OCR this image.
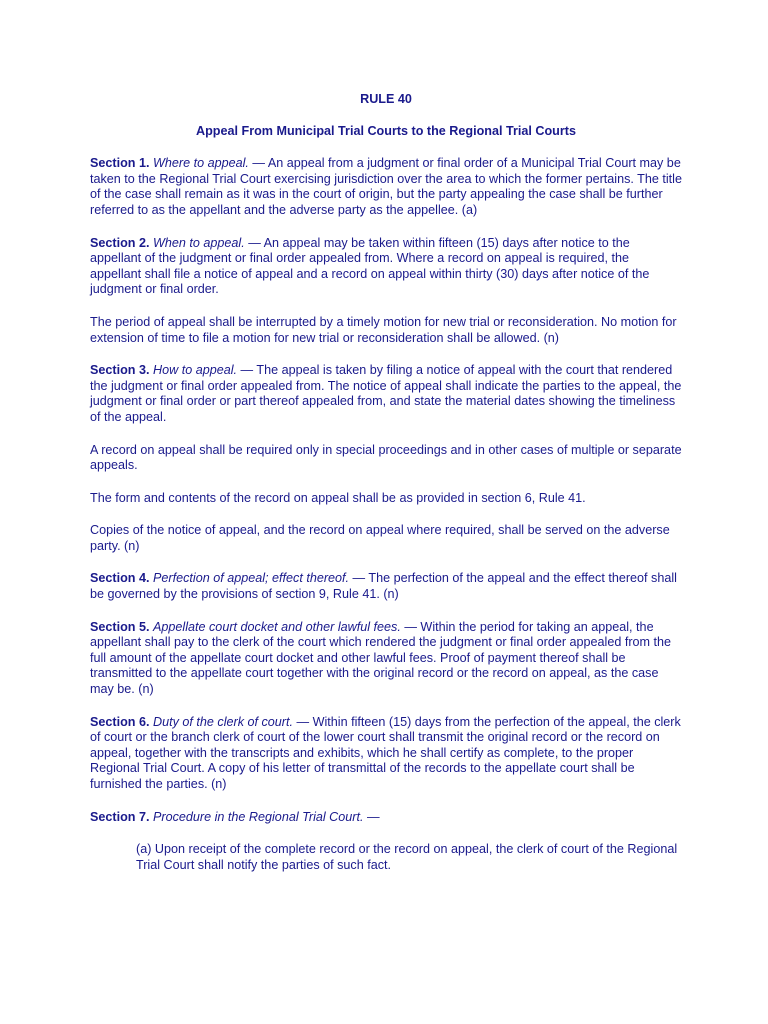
RULE 40
Appeal From Municipal Trial Courts to the Regional Trial Courts

Section 1. Where to appeal. — An appeal from a judgment or final order of a Municipal Trial Court may be taken to the Regional Trial Court exercising jurisdiction over the area to which the former pertains. The title of the case shall remain as it was in the court of origin, but the party appealing the case shall be further referred to as the appellant and the adverse party as the appellee. (a)

Section 2. When to appeal. — An appeal may be taken within fifteen (15) days after notice to the appellant of the judgment or final order appealed from. Where a record on appeal is required, the appellant shall file a notice of appeal and a record on appeal within thirty (30) days after notice of the judgment or final order.

The period of appeal shall be interrupted by a timely motion for new trial or reconsideration. No motion for extension of time to file a motion for new trial or reconsideration shall be allowed. (n)

Section 3. How to appeal. — The appeal is taken by filing a notice of appeal with the court that rendered the judgment or final order appealed from. The notice of appeal shall indicate the parties to the appeal, the judgment or final order or part thereof appealed from, and state the material dates showing the timeliness of the appeal.

A record on appeal shall be required only in special proceedings and in other cases of multiple or separate appeals.

The form and contents of the record on appeal shall be as provided in section 6, Rule 41.

Copies of the notice of appeal, and the record on appeal where required, shall be served on the adverse party. (n)

Section 4. Perfection of appeal; effect thereof. — The perfection of the appeal and the effect thereof shall be governed by the provisions of section 9, Rule 41. (n)

Section 5. Appellate court docket and other lawful fees. — Within the period for taking an appeal, the appellant shall pay to the clerk of the court which rendered the judgment or final order appealed from the full amount of the appellate court docket and other lawful fees. Proof of payment thereof shall be transmitted to the appellate court together with the original record or the record on appeal, as the case may be. (n)

Section 6. Duty of the clerk of court. — Within fifteen (15) days from the perfection of the appeal, the clerk of court or the branch clerk of court of the lower court shall transmit the original record or the record on appeal, together with the transcripts and exhibits, which he shall certify as complete, to the proper Regional Trial Court. A copy of his letter of transmittal of the records to the appellate court shall be furnished the parties. (n)

Section 7. Procedure in the Regional Trial Court. —

(a) Upon receipt of the complete record or the record on appeal, the clerk of court of the Regional Trial Court shall notify the parties of such fact.
